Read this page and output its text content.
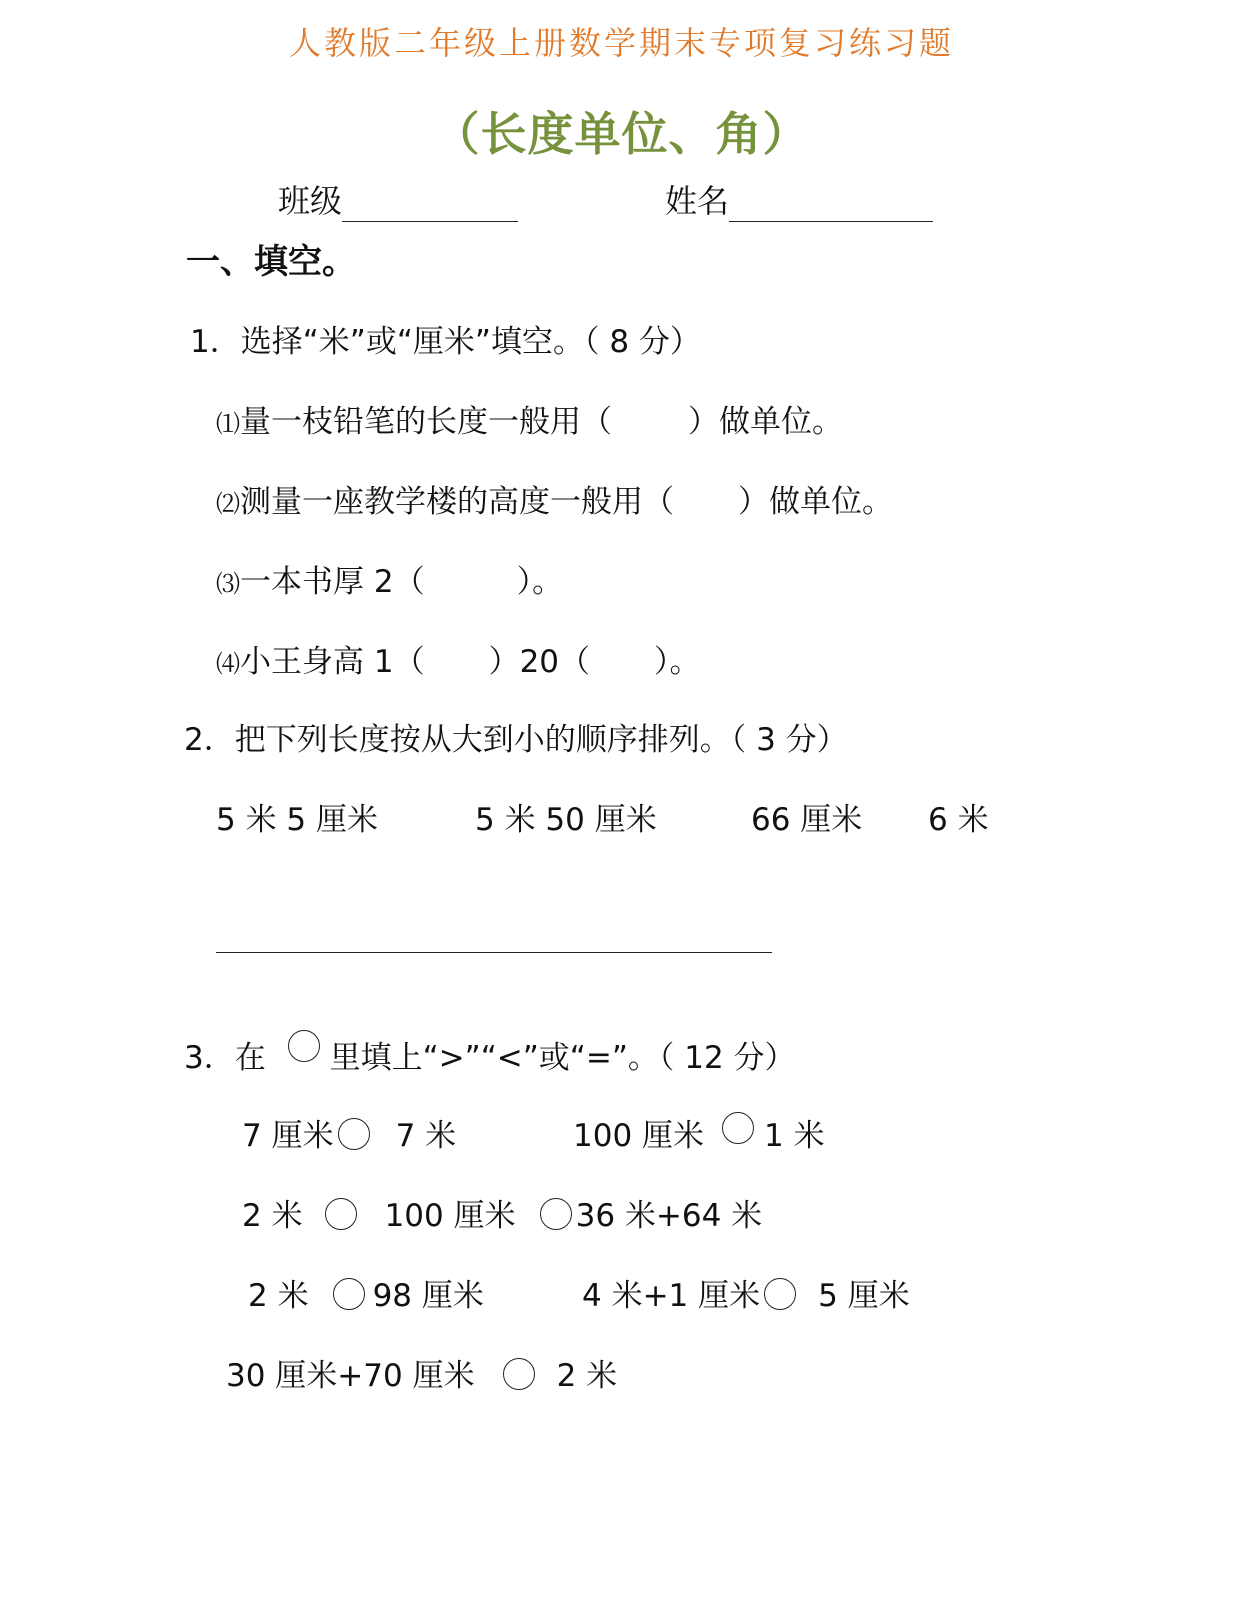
人教版二年级上册数学期末专项复习练习题
（长度单位、角）
班级	姓名
一、填空。
1．选择“米”或“厘米”填空。（ 8 分）
⑴量一枝铅笔的长度一般用（ ）做单位。
⑵测量一座教学楼的高度一般用（ ）做单位。
⑶一本书厚 2（	）。
⑷小王身高 1（ ）20（ ）。
2．把下列长度按从大到小的顺序排列。（ 3 分）
5 米 5 厘米	5 米 50 厘米	66 厘米 6 米
3．在 里填上“>”“<”或“=”。（ 12 分）
7 厘米 7 米	100 厘米 1 米
2 米	100 厘米 36 米+64 米
2 米 98 厘米	4 米+1 厘米 5 厘米
30 厘米+70 厘米	2 米
